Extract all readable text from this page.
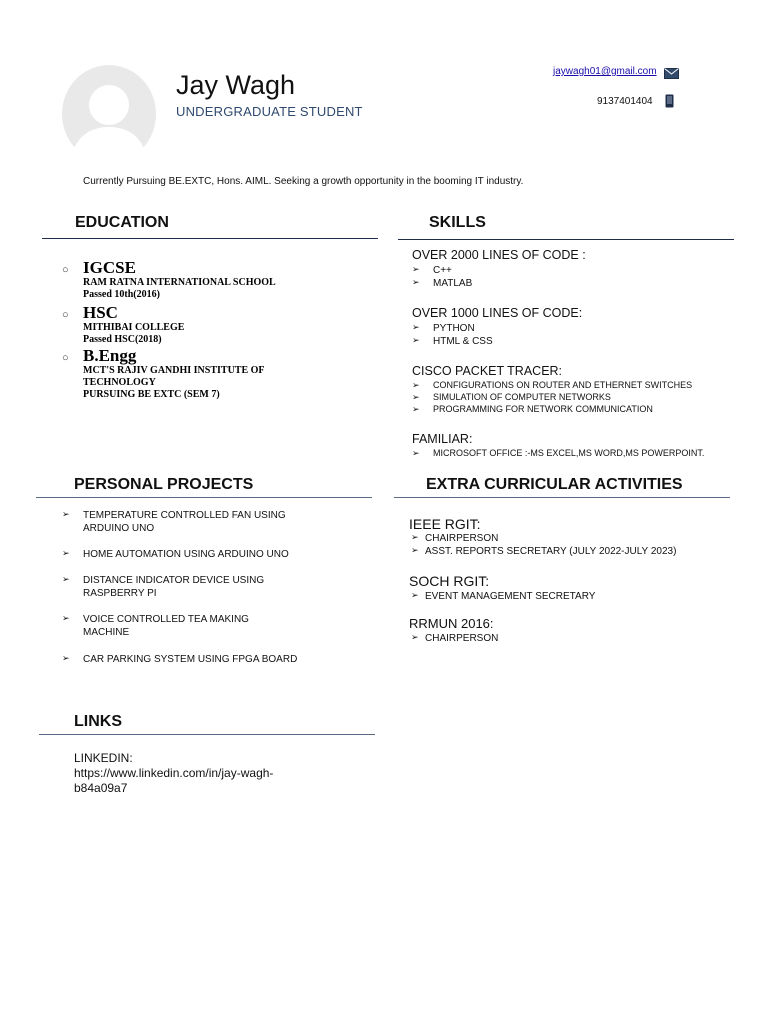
Jay Wagh
UNDERGRADUATE STUDENT
jaywagh01@gmail.com
9137401404
Currently Pursuing BE.EXTC, Hons. AIML. Seeking a growth opportunity in the booming IT industry.
EDUCATION
○ IGCSE
RAM RATNA INTERNATIONAL SCHOOL
Passed 10th(2016)
○ HSC
MITHIBAI COLLEGE
Passed HSC(2018)
○ B.Engg
MCT'S RAJIV GANDHI INSTITUTE OF
TECHNOLOGY
PURSUING BE EXTC (SEM 7)
SKILLS
OVER 2000 LINES OF CODE :
➢ C++
➢ MATLAB
OVER 1000 LINES OF CODE:
➢ PYTHON
➢ HTML & CSS
CISCO PACKET TRACER:
➢ CONFIGURATIONS ON ROUTER AND ETHERNET SWITCHES
➢ SIMULATION OF COMPUTER NETWORKS
➢ PROGRAMMING FOR NETWORK COMMUNICATION
FAMILIAR:
➢ MICROSOFT OFFICE :-MS EXCEL,MS WORD,MS POWERPOINT.
PERSONAL PROJECTS
➢ TEMPERATURE CONTROLLED FAN USING
ARDUINO UNO
➢ HOME AUTOMATION USING ARDUINO UNO
➢ DISTANCE INDICATOR DEVICE USING
RASPBERRY PI
➢ VOICE CONTROLLED TEA MAKING
MACHINE
➢ CAR PARKING SYSTEM USING FPGA BOARD
EXTRA CURRICULAR ACTIVITIES
IEEE RGIT:
➢ CHAIRPERSON
➢ ASST. REPORTS SECRETARY (JULY 2022-JULY 2023)
SOCH RGIT:
➢ EVENT MANAGEMENT SECRETARY
RRMUN 2016:
➢ CHAIRPERSON
LINKS
LINKEDIN:
https://www.linkedin.com/in/jay-wagh-
b84a09a7
